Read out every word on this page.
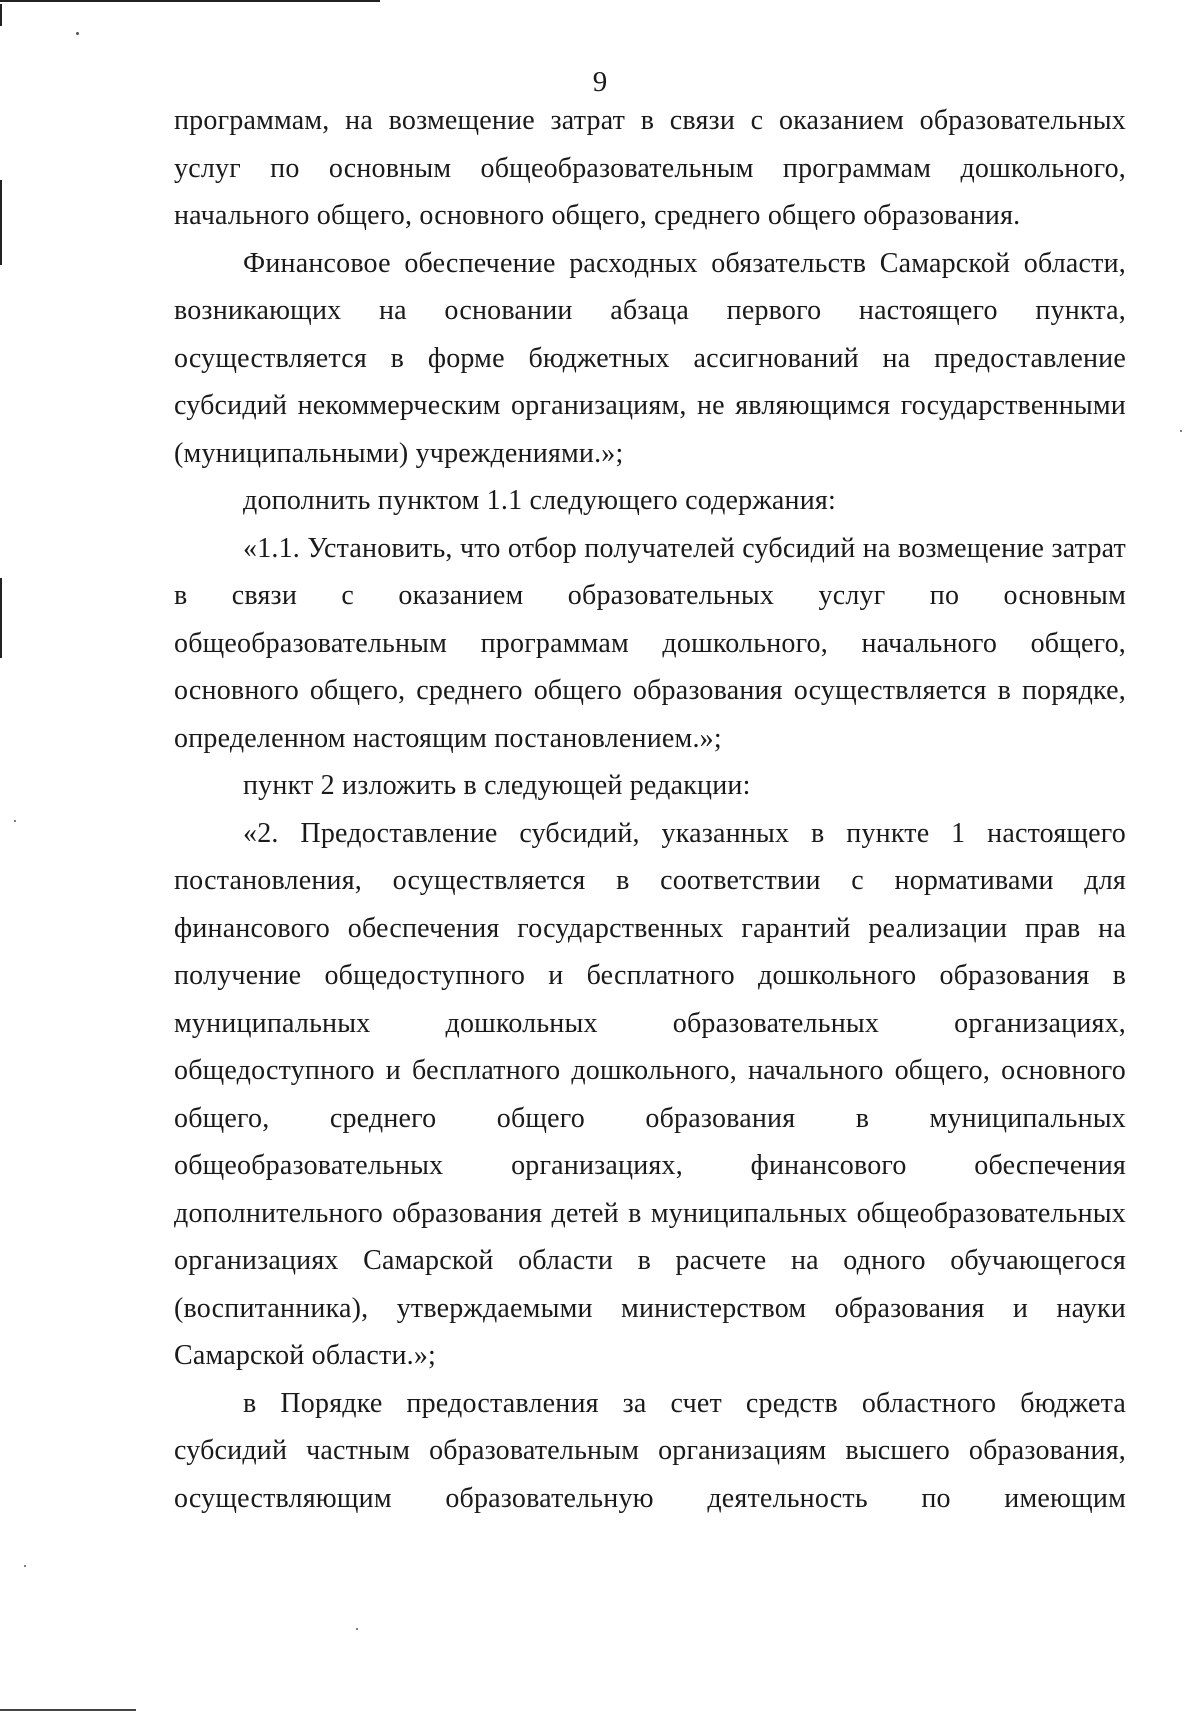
9

программам, на возмещение затрат в связи с оказанием образовательных услуг по основным общеобразовательным программам дошкольного, начального общего, основного общего, среднего общего образования.

Финансовое обеспечение расходных обязательств Самарской области, возникающих на основании абзаца первого настоящего пункта, осуществляется в форме бюджетных ассигнований на предоставление субсидий некоммерческим организациям, не являющимся государственными (муниципальными) учреждениями.»;

дополнить пунктом 1.1 следующего содержания:

«1.1. Установить, что отбор получателей субсидий на возмещение затрат в связи с оказанием образовательных услуг по основным общеобразовательным программам дошкольного, начального общего, основного общего, среднего общего образования осуществляется в порядке, определенном настоящим постановлением.»;

пункт 2 изложить в следующей редакции:

«2. Предоставление субсидий, указанных в пункте 1 настоящего постановления, осуществляется в соответствии с нормативами для финансового обеспечения государственных гарантий реализации прав на получение общедоступного и бесплатного дошкольного образования в муниципальных дошкольных образовательных организациях, общедоступного и бесплатного дошкольного, начального общего, основного общего, среднего общего образования в муниципальных общеобразовательных организациях, финансового обеспечения дополнительного образования детей в муниципальных общеобразовательных организациях Самарской области в расчете на одного обучающегося (воспитанника), утверждаемыми министерством образования и науки Самарской области.»;

в Порядке предоставления за счет средств областного бюджета субсидий частным образовательным организациям высшего образования, осуществляющим образовательную деятельность по имеющим
